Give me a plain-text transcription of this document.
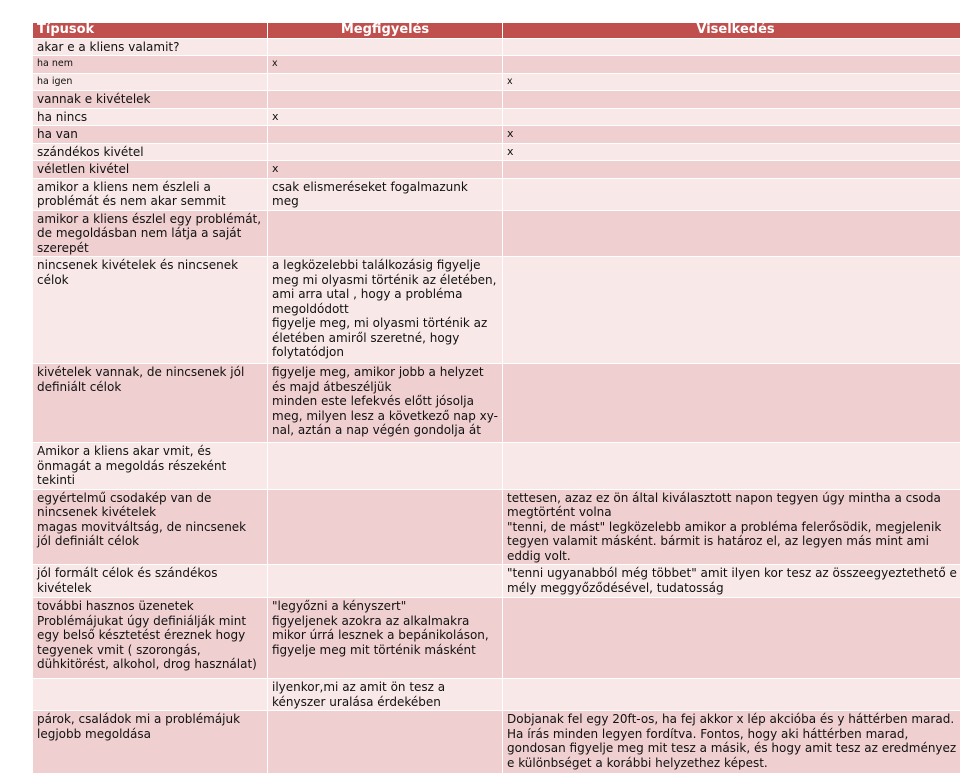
Típusok	Megfigyelés	Viselkedés
akar e a kliens valamit?		
ha nem	x	
ha igen		x
vannak e kivételek		
ha nincs	x	
ha van		x
szándékos kivétel		x
véletlen kivétel	x	
amikor a kliens nem észleli a problémát és nem akar semmit	csak elismeréseket fogalmazunk meg	
amikor a kliens észlel egy problémát, de megoldásban nem látja a saját szerepét		
nincsenek kivételek és nincsenek célok	a legközelebbi találkozásig figyelje meg mi olyasmi történik az életében, ami arra utal , hogy a probléma megoldódott
figyelje meg, mi olyasmi történik az életében amiről szeretné, hogy folytatódjon	
kivételek vannak, de nincsenek jól definiált célok	figyelje meg, amikor jobb a helyzet és majd átbeszéljük
minden este lefekvés előtt jósolja meg, milyen lesz a következő nap xy-nal, aztán a nap végén gondolja át	
Amikor a kliens akar vmit, és önmagát a megoldás részeként tekinti		
egyértelmű csodakép van de nincsenek kivételek
magas movitváltság, de nincsenek jól definiált célok		tettesen, azaz ez ön által kiválasztott napon tegyen úgy mintha a csoda megtörtént volna
"tenni, de mást" legközelebb amikor a probléma felerősödik, megjelenik tegyen valamit másként. bármit is határoz el, az legyen más mint ami eddig volt.
jól formált célok és szándékos kivételek		"tenni ugyanabból még többet" amit ilyen kor tesz az összeegyeztethető e mély meggyőződésével, tudatosság
további hasznos üzenetek
Problémájukat úgy definiálják mint egy belső késztetést éreznek hogy tegyenek vmit ( szorongás, dühkitörést, alkohol, drog használat)	"legyőzni a kényszert"
figyeljenek azokra az alkalmakra mikor úrrá lesznek a bepánikoláson, figyelje meg mit történik másként	
	ilyenkor,mi az amit ön tesz a kényszer uralása érdekében	
párok, családok mi a problémájuk legjobb megoldása		Dobjanak fel egy 20ft-os, ha fej akkor x lép akcióba és y háttérben marad. Ha írás minden legyen fordítva. Fontos, hogy aki háttérben marad, gondosan figyelje meg mit tesz a másik, és hogy amit tesz az eredményez e különbséget a korábbi helyzethez képest.
